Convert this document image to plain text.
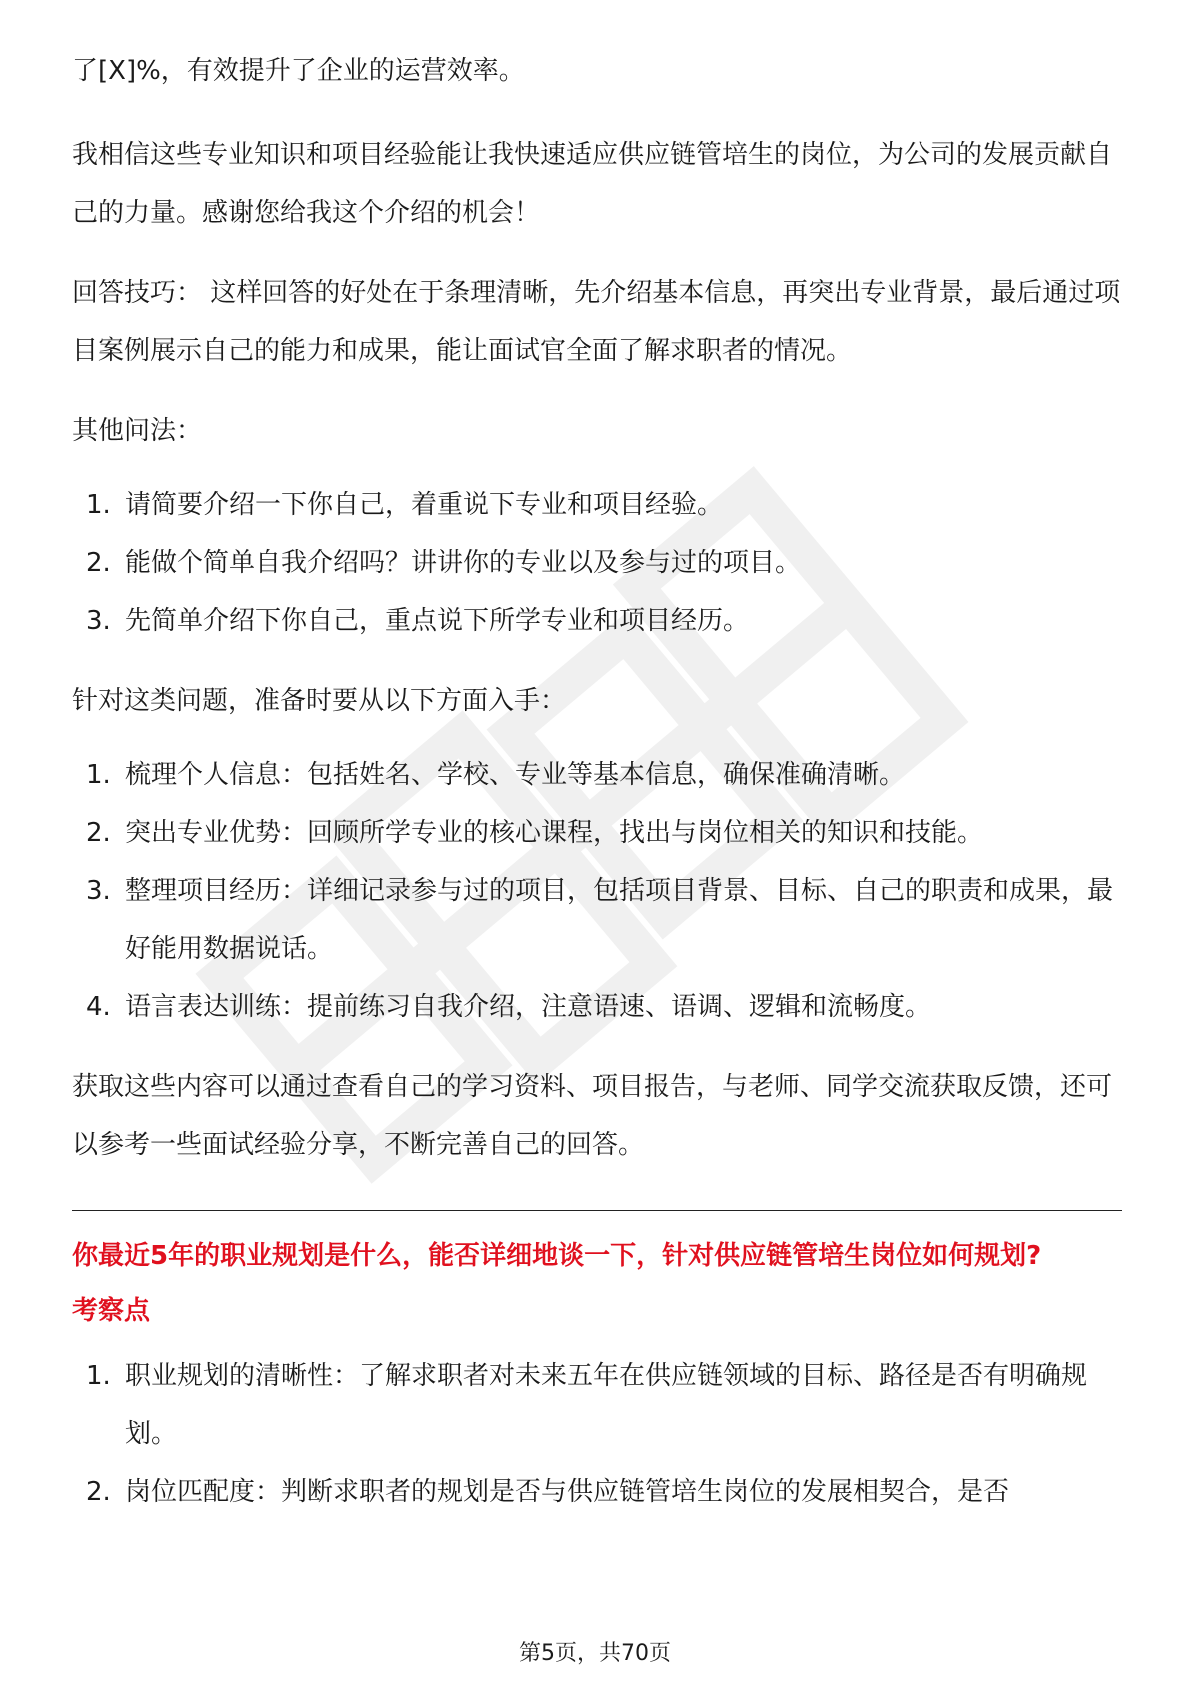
了[X]%，有效提升了企业的运营效率。

我相信这些专业知识和项目经验能让我快速适应供应链管培生的岗位，为公司的发展贡献自己的力量。感谢您给我这个介绍的机会！

回答技巧： 这样回答的好处在于条理清晰，先介绍基本信息，再突出专业背景，最后通过项目案例展示自己的能力和成果，能让面试官全面了解求职者的情况。

其他问法：

1. 请简要介绍一下你自己，着重说下专业和项目经验。
2. 能做个简单自我介绍吗？讲讲你的专业以及参与过的项目。
3. 先简单介绍下你自己，重点说下所学专业和项目经历。

针对这类问题，准备时要从以下方面入手：

1. 梳理个人信息：包括姓名、学校、专业等基本信息，确保准确清晰。
2. 突出专业优势：回顾所学专业的核心课程，找出与岗位相关的知识和技能。
3. 整理项目经历：详细记录参与过的项目，包括项目背景、目标、自己的职责和成果，最好能用数据说话。
4. 语言表达训练：提前练习自我介绍，注意语速、语调、逻辑和流畅度。

获取这些内容可以通过查看自己的学习资料、项目报告，与老师、同学交流获取反馈，还可以参考一些面试经验分享，不断完善自己的回答。

你最近5年的职业规划是什么，能否详细地谈一下，针对供应链管培生岗位如何规划?

考察点

1. 职业规划的清晰性：了解求职者对未来五年在供应链领域的目标、路径是否有明确规划。
2. 岗位匹配度：判断求职者的规划是否与供应链管培生岗位的发展相契合，是否
第5页，共70页
